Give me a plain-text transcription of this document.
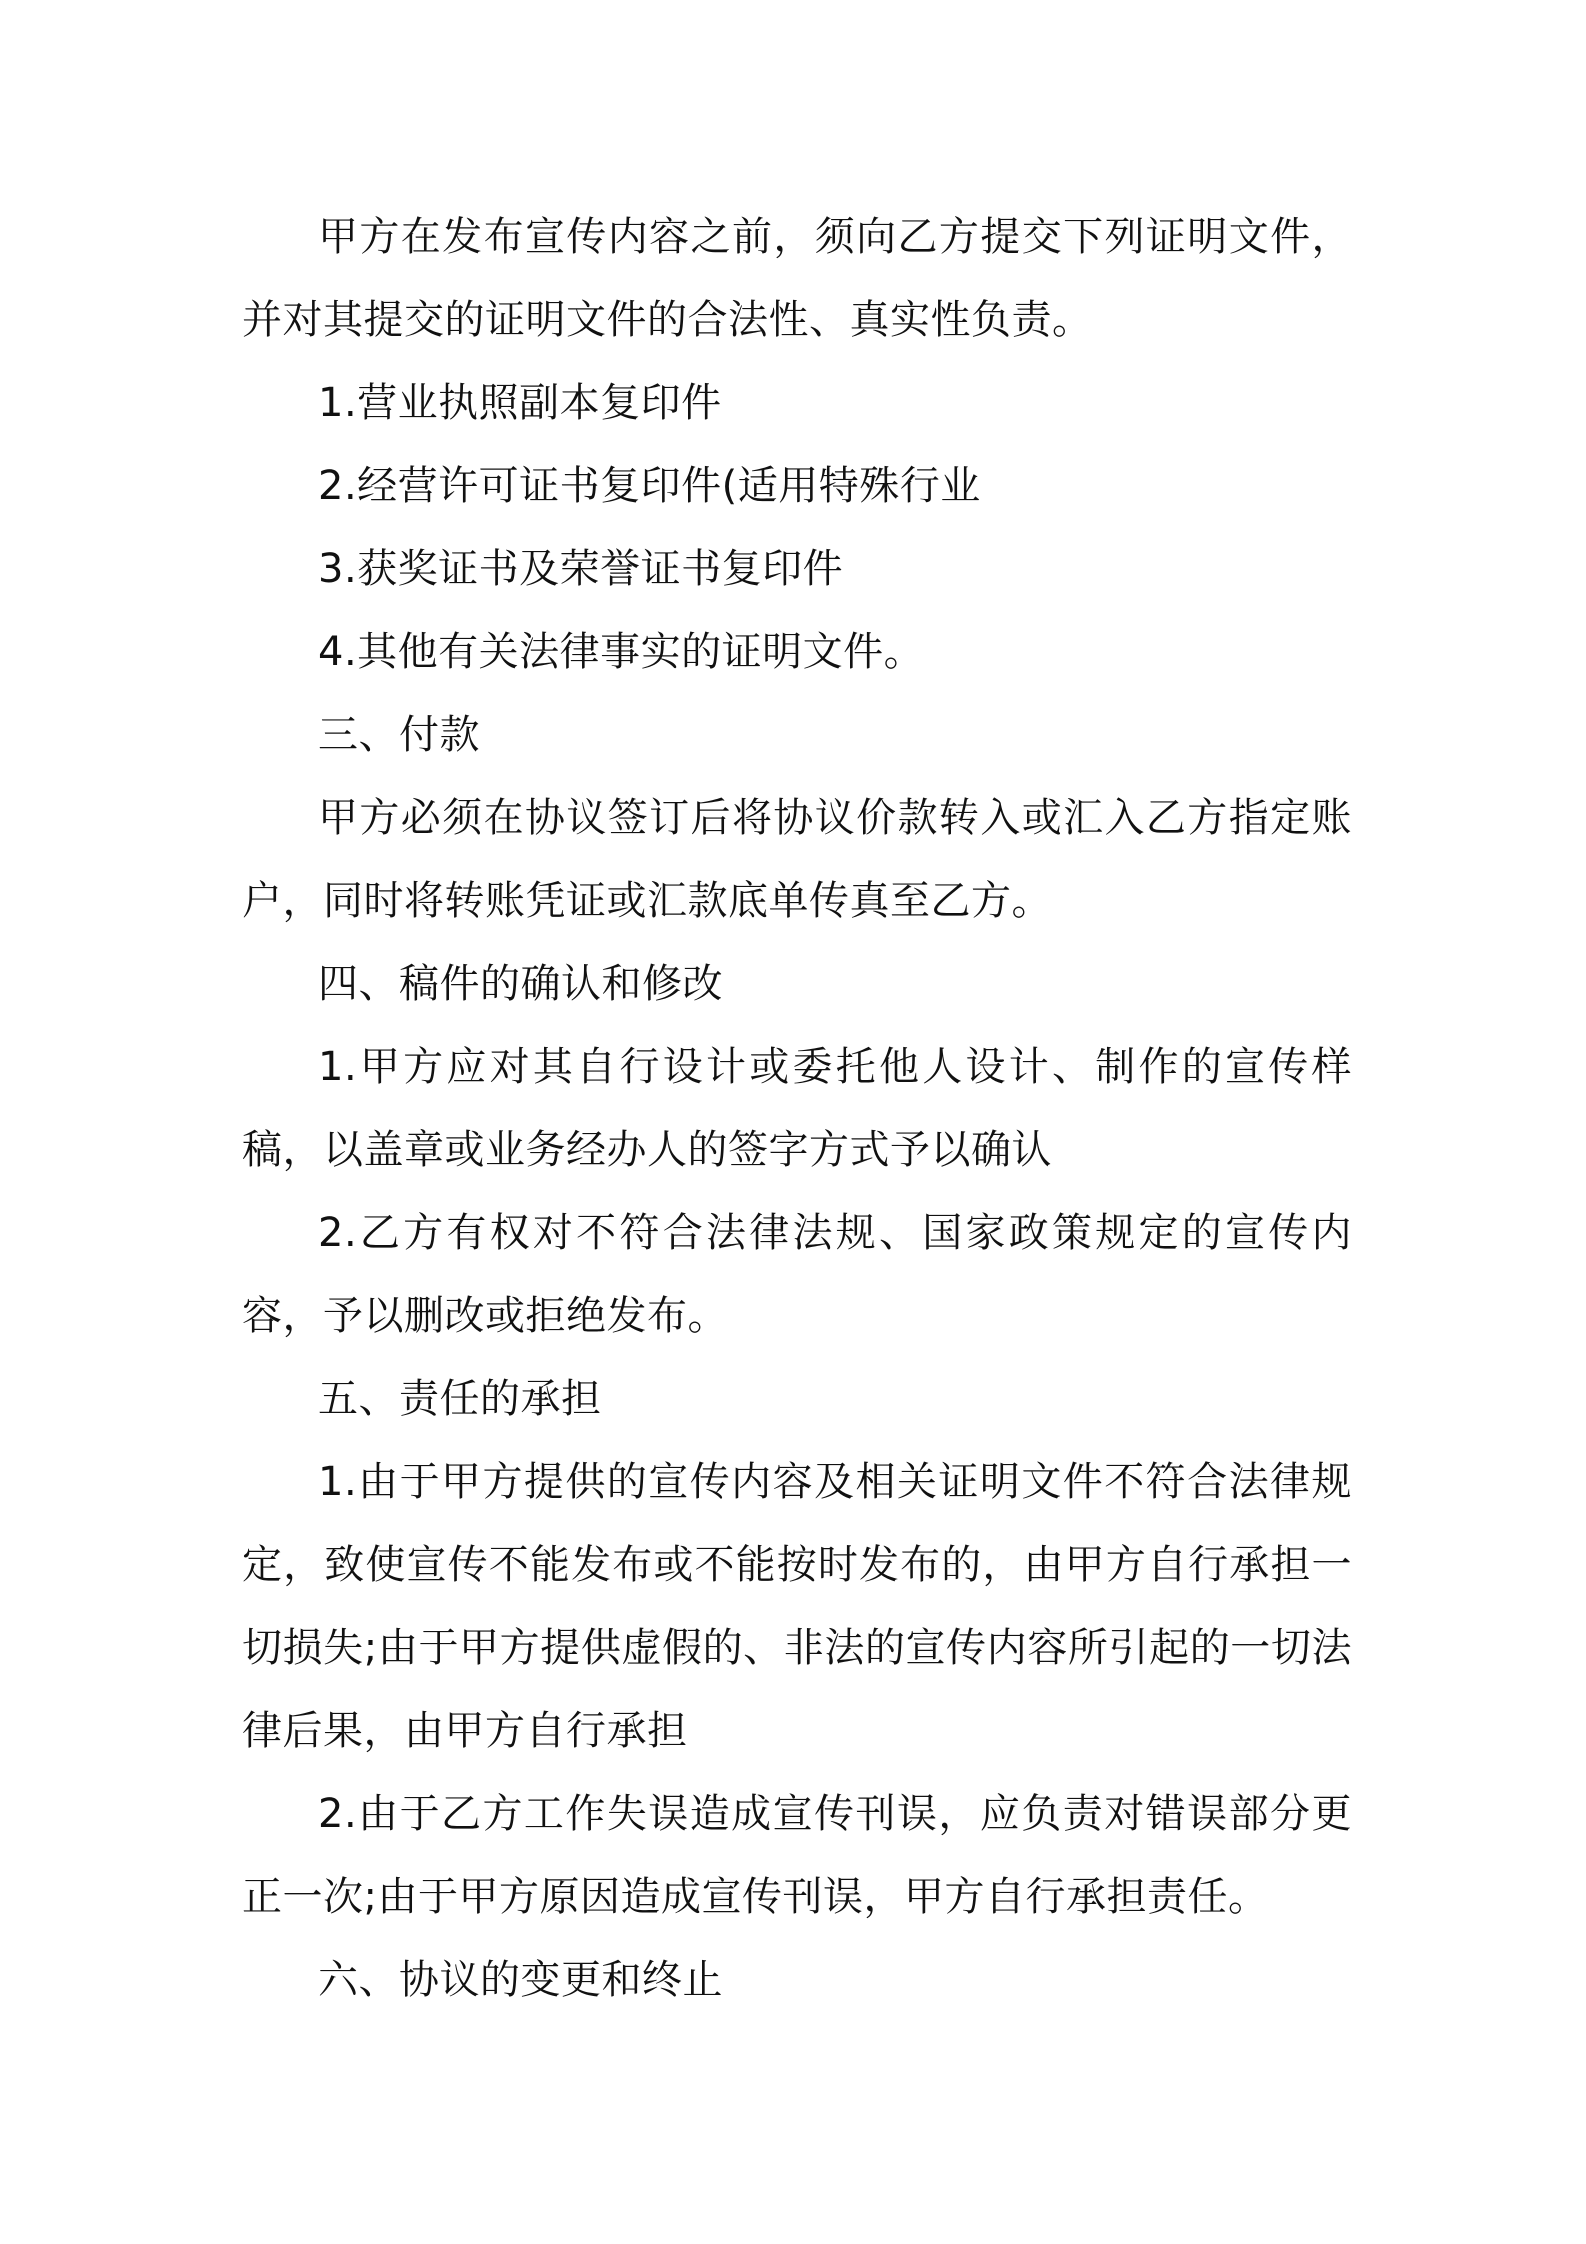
甲方在发布宣传内容之前，须向乙方提交下列证明文件，并对其提交的证明文件的合法性、真实性负责。

1.营业执照副本复印件

2.经营许可证书复印件(适用特殊行业

3.获奖证书及荣誉证书复印件

4.其他有关法律事实的证明文件。

三、付款

甲方必须在协议签订后将协议价款转入或汇入乙方指定账户，同时将转账凭证或汇款底单传真至乙方。

四、稿件的确认和修改

1.甲方应对其自行设计或委托他人设计、制作的宣传样稿，以盖章或业务经办人的签字方式予以确认

2.乙方有权对不符合法律法规、国家政策规定的宣传内容，予以删改或拒绝发布。

五、责任的承担

1.由于甲方提供的宣传内容及相关证明文件不符合法律规定，致使宣传不能发布或不能按时发布的，由甲方自行承担一切损失;由于甲方提供虚假的、非法的宣传内容所引起的一切法律后果，由甲方自行承担

2.由于乙方工作失误造成宣传刊误，应负责对错误部分更正一次;由于甲方原因造成宣传刊误，甲方自行承担责任。

六、协议的变更和终止
